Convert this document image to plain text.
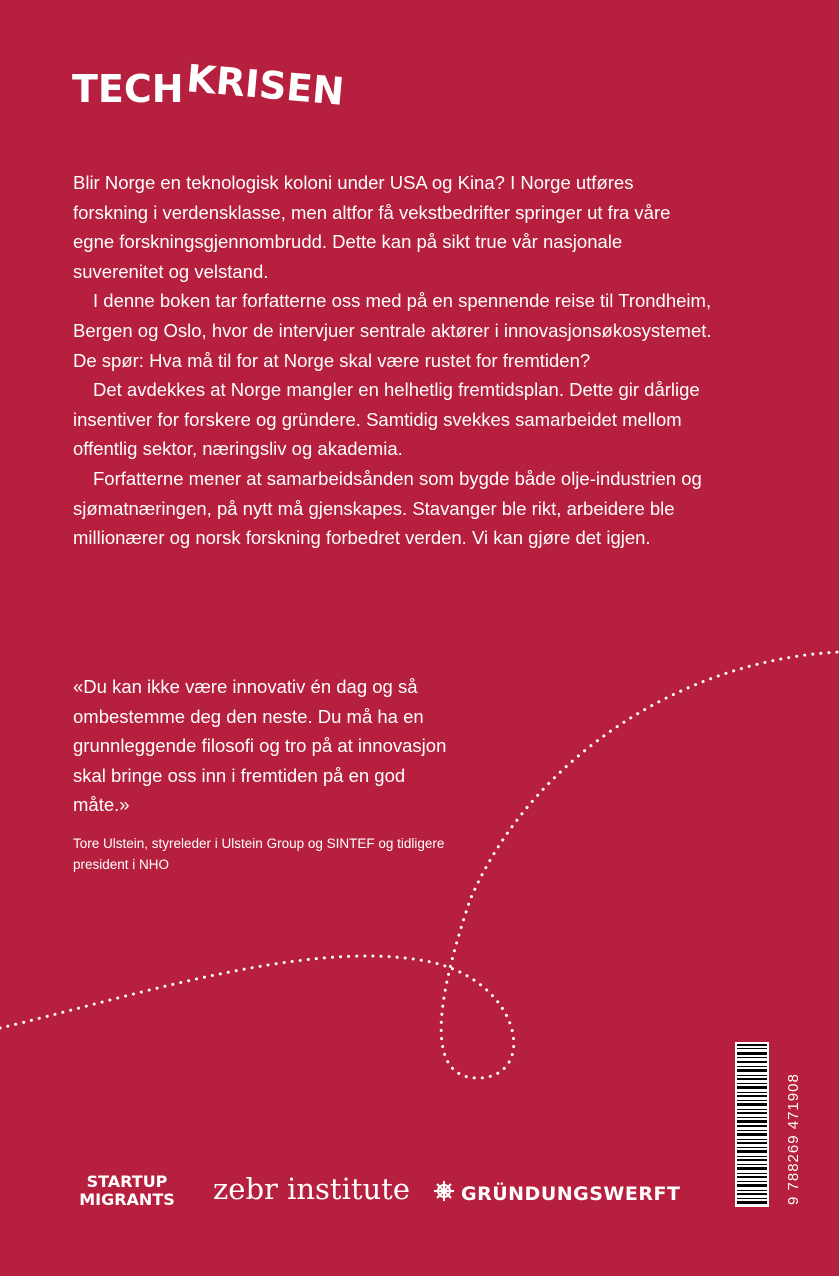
TECHKRISEN

Blir Norge en teknologisk koloni under USA og Kina? I Norge utføres forskning i verdensklasse, men altfor få vekstbedrifter springer ut fra våre egne forskningsgjennombrudd. Dette kan på sikt true vår nasjonale suverenitet og velstand.

I denne boken tar forfatterne oss med på en spennende reise til Trondheim, Bergen og Oslo, hvor de intervjuer sentrale aktører i innovasjonsøkosystemet. De spør: Hva må til for at Norge skal være rustet for fremtiden?

Det avdekkes at Norge mangler en helhetlig fremtidsplan. Dette gir dårlige insentiver for forskere og gründere. Samtidig svekkes samarbeidet mellom offentlig sektor, næringsliv og akademia.

Forfatterne mener at samarbeidsånden som bygde både olje-industrien og sjømatnæringen, på nytt må gjenskapes. Stavanger ble rikt, arbeidere ble millionærer og norsk forskning forbedret verden. Vi kan gjøre det igjen.

«Du kan ikke være innovativ én dag og så ombestemme deg den neste. Du må ha en grunnleggende filosofi og tro på at innovasjon skal bringe oss inn i fremtiden på en god måte.»

Tore Ulstein, styreleder i Ulstein Group og SINTEF og tidligere president i NHO

STARTUP
MIGRANTS zebr institute	GRÜNDUNGSWERFT	9 788269 471908
